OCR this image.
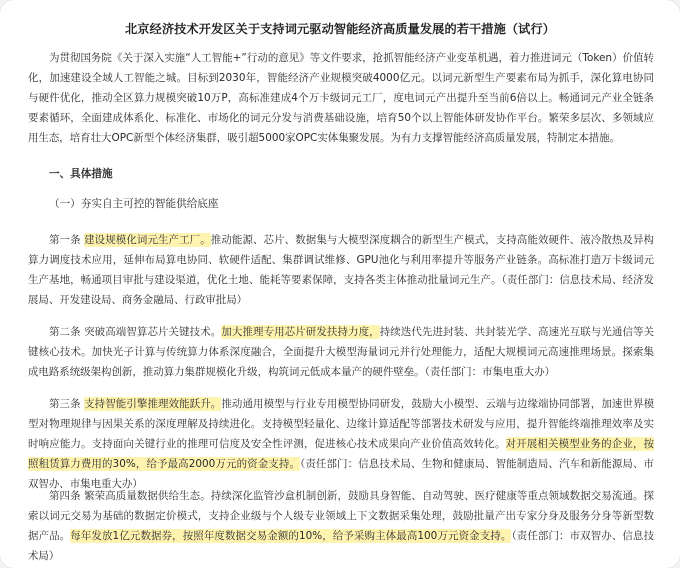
北京经济技术开发区关于支持词元驱动智能经济高质量发展的若干措施（试行）
为贯彻国务院《关于深入实施“人工智能+”行动的意见》等文件要求，抢抓智能经济产业变革机遇，着力推进词元（Token）价值转化，加速建设全域人工智能之城。目标到2030年，智能经济产业规模突破4000亿元。以词元新型生产要素布局为抓手，深化算电协同与硬件优化，推动全区算力规模突破10万P，高标准建成4个万卡级词元工厂，度电词元产出提升至当前6倍以上。畅通词元产业全链条要素循环，全面建成体系化、标准化、市场化的词元分发与消费基础设施，培育50个以上智能体研发协作平台。繁荣多层次、多领域应用生态，培育壮大OPC新型个体经济集群，吸引超5000家OPC实体集聚发展。为有力支撑智能经济高质量发展，特制定本措施。
一、具体措施
（一）夯实自主可控的智能供给底座
第一条 建设规模化词元生产工厂。推动能源、芯片、数据集与大模型深度耦合的新型生产模式，支持高能效硬件、液冷散热及异构算力调度技术应用，延伸布局算电协同、软硬件适配、集群调试维修、GPU池化与利用率提升等服务产业链条。高标准打造万卡级词元生产基地，畅通项目审批与建设渠道，优化土地、能耗等要素保障，支持各类主体推动批量词元生产。（责任部门：信息技术局、经济发展局、开发建设局、商务金融局、行政审批局）
第二条 突破高端智算芯片关键技术。加大推理专用芯片研发扶持力度，持续迭代先进封装、共封装光学、高速光互联与光通信等关键核心技术。加快光子计算与传统算力体系深度融合，全面提升大模型海量词元并行处理能力，适配大规模词元高速推理场景。探索集成电路系统级架构创新，推动算力集群规模化升级，构筑词元低成本量产的硬件壁垒。（责任部门：市集电重大办）
第三条 支持智能引擎推理效能跃升。推动通用模型与行业专用模型协同研发，鼓励大小模型、云端与边缘端协同部署，加速世界模型对物理规律与因果关系的深度理解及持续进化。支持模型轻量化、边缘计算适配等部署技术研发与应用，提升智能终端推理效率及实时响应能力。支持面向关键行业的推理可信度及安全性评测，促进核心技术成果向产业价值高效转化。对开展相关模型业务的企业，按照租赁算力费用的30%，给予最高2000万元的资金支持。（责任部门：信息技术局、生物和健康局、智能制造局、汽车和新能源局、市双智办、市集电重大办）
第四条 繁荣高质量数据供给生态。持续深化监管沙盒机制创新，鼓励具身智能、自动驾驶、医疗健康等重点领域数据交易流通。探索以词元交易为基础的数据定价模式，支持企业级与个人级专业领域上下文数据采集处理，鼓励批量产出专家分身及服务分身等新型数据产品。每年发放1亿元数据券，按照年度数据交易金额的10%，给予采购主体最高100万元资金支持。（责任部门：市双智办、信息技术局）
